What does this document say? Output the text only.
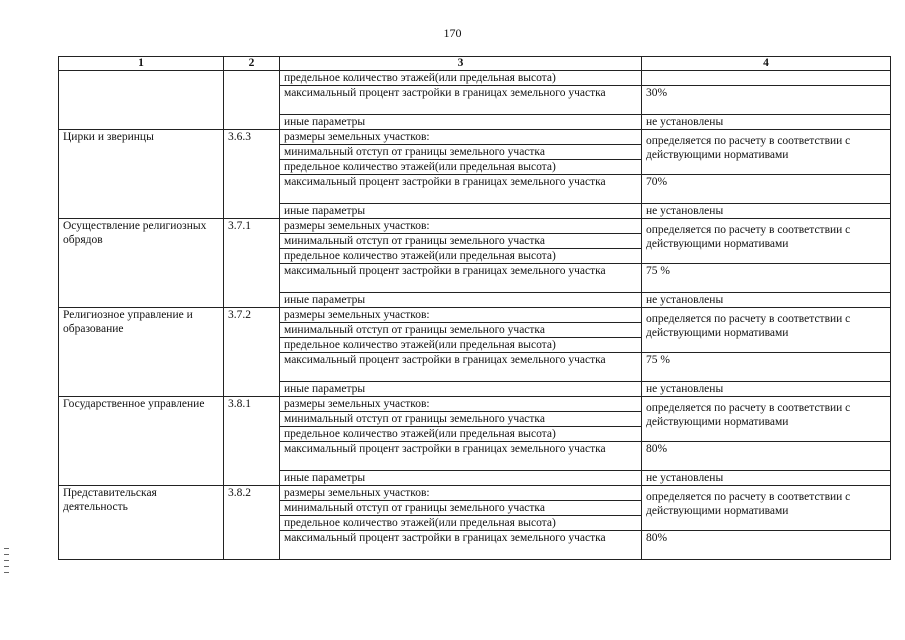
170
1	2	3	4
		предельное количество этажей(или предельная высота)	
		максимальный процент застройки в границах земельного участка	30%
		иные параметры	не установлены
Цирки и зверинцы	3.6.3	размеры земельных участков:	определяется по расчету в соответствии с действующими нормативами
		минимальный отступ от границы земельного участка	
		предельное количество этажей(или предельная высота)	
		максимальный процент застройки в границах земельного участка	70%
		иные параметры	не установлены
Осуществление религиозных обрядов	3.7.1	размеры земельных участков:	определяется по расчету в соответствии с действующими нормативами
		минимальный отступ от границы земельного участка	
		предельное количество этажей(или предельная высота)	
		максимальный процент застройки в границах земельного участка	75 %
		иные параметры	не установлены
Религиозное управление и образование	3.7.2	размеры земельных участков:	определяется по расчету в соответствии с действующими нормативами
		минимальный отступ от границы земельного участка	
		предельное количество этажей(или предельная высота)	
		максимальный процент застройки в границах земельного участка	75 %
		иные параметры	не установлены
Государственное управление	3.8.1	размеры земельных участков:	определяется по расчету в соответствии с действующими нормативами
		минимальный отступ от границы земельного участка	
		предельное количество этажей(или предельная высота)	
		максимальный процент застройки в границах земельного участка	80%
		иные параметры	не установлены
Представительская деятельность	3.8.2	размеры земельных участков:	определяется по расчету в соответствии с действующими нормативами
		минимальный отступ от границы земельного участка	
		предельное количество этажей(или предельная высота)	
		максимальный процент застройки в границах земельного участка	80%
